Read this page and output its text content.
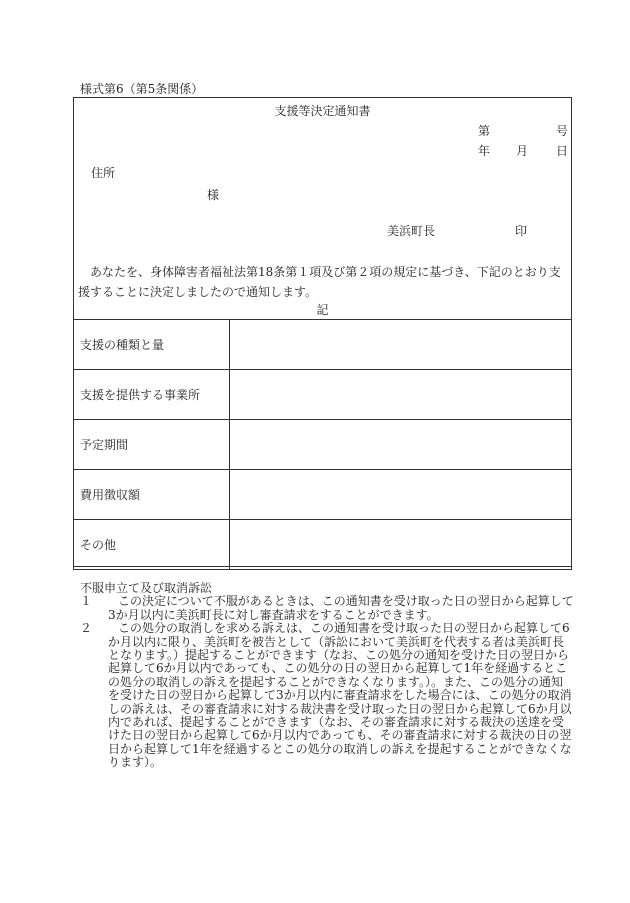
様式第6（第5条関係）
支援等決定通知書
第	号
年 月 日
住所
様
美浜町長	印
あなたを、身体障害者福祉法第18条第１項及び第２項の規定に基づき、下記のとおり支援することに決定しましたので通知します。
記
支援の種類と量	
支援を提供する事業所	
予定期間	
費用徴収額	
その他	
不服申立て及び取消訴訟
１	この決定について不服があるときは、この通知書を受け取った日の翌日から起算して3か月以内に美浜町長に対し審査請求をすることができます。
２	この処分の取消しを求める訴えは、この通知書を受け取った日の翌日から起算して6か月以内に限り、美浜町を被告として（訴訟において美浜町を代表する者は美浜町長となります。）提起することができます（なお、この処分の通知を受けた日の翌日から起算して6か月以内であっても、この処分の日の翌日から起算して1年を経過するとこの処分の取消しの訴えを提起することができなくなります。）。また、この処分の通知を受けた日の翌日から起算して3か月以内に審査請求をした場合には、この処分の取消しの訴えは、その審査請求に対する裁決書を受け取った日の翌日から起算して6か月以内であれば、提起することができます（なお、その審査請求に対する裁決の送達を受けた日の翌日から起算して6か月以内であっても、その審査請求に対する裁決の日の翌日から起算して1年を経過するとこの処分の取消しの訴えを提起することができなくなります）。
